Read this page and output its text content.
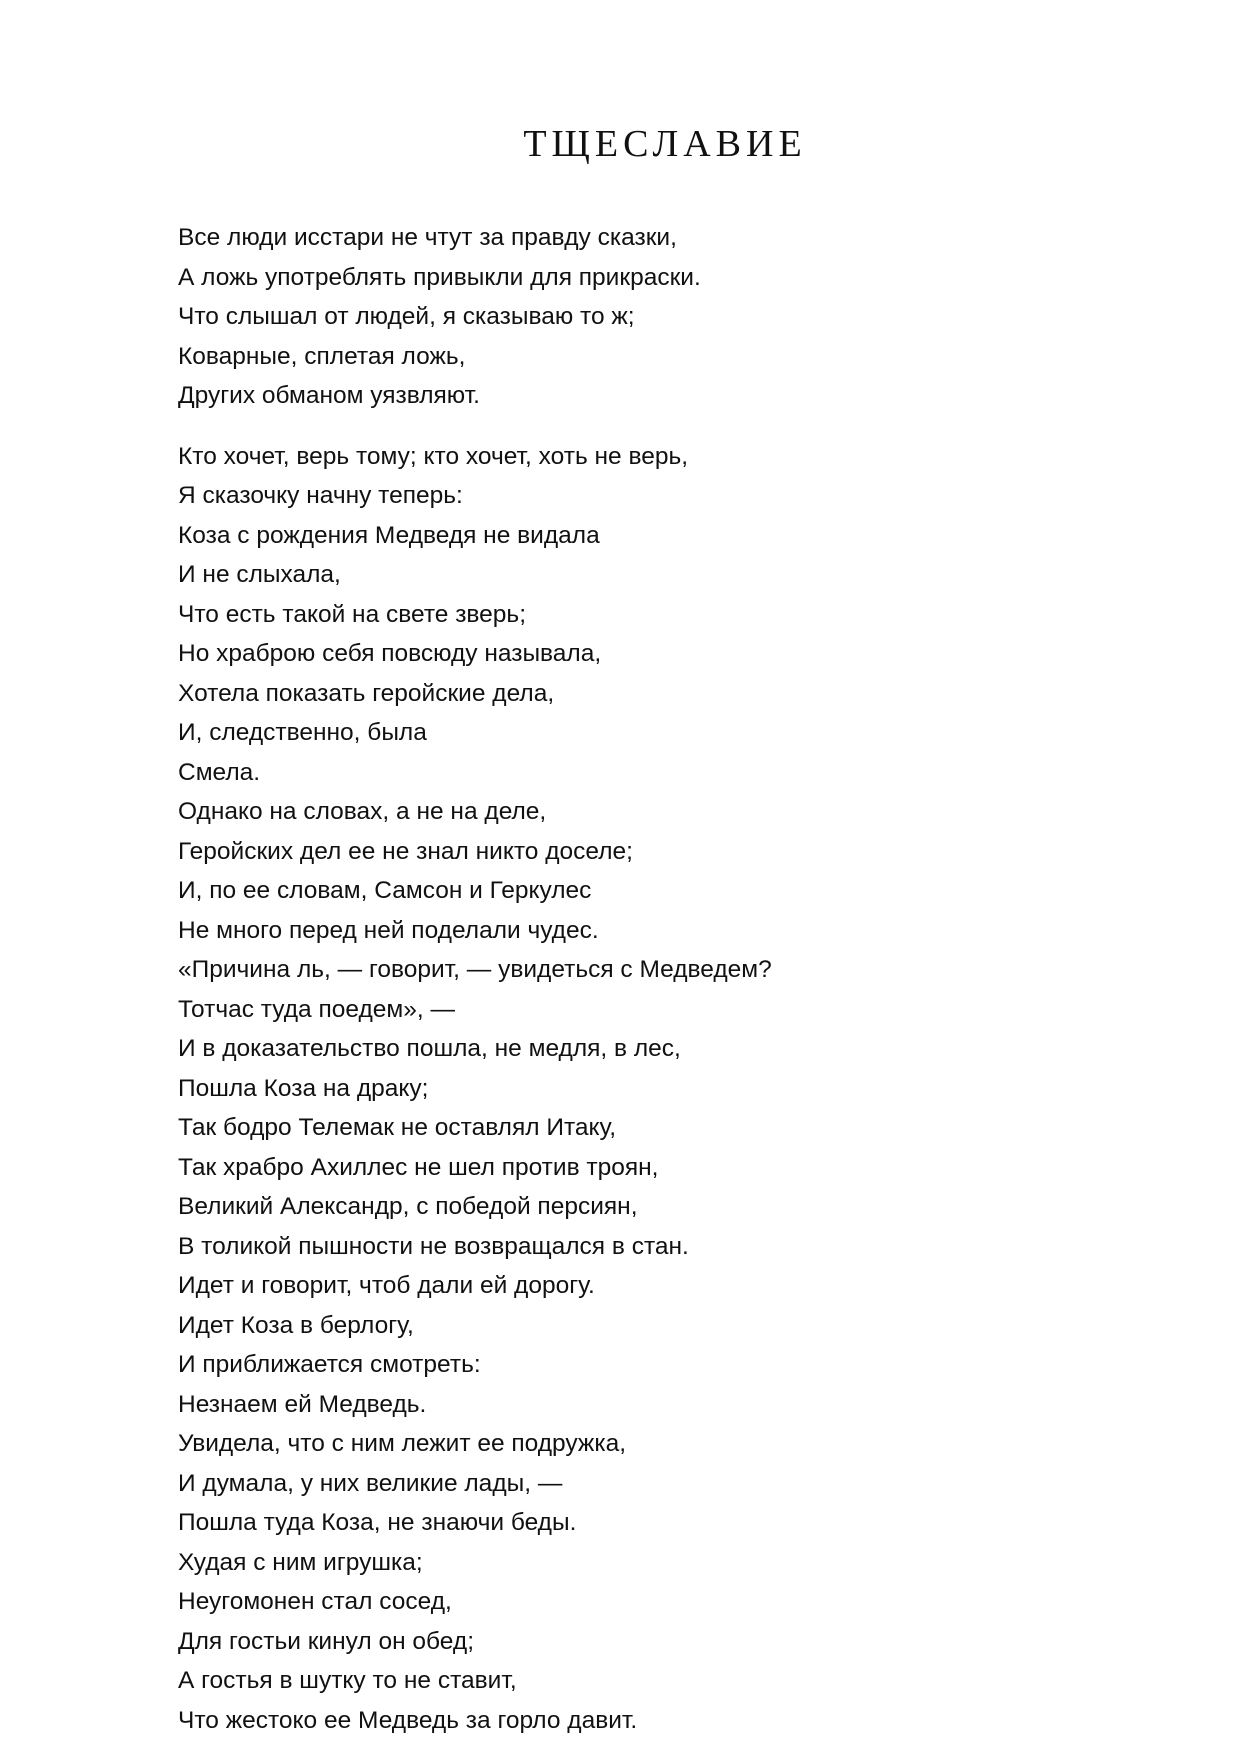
ТЩЕСЛАВИЕ
Все люди исстари не чтут за правду сказки,
А ложь употреблять привыкли для прикраски.
Что слышал от людей, я сказываю то ж;
Коварные, сплетая ложь,
Других обманом уязвляют.
Кто хочет, верь тому; кто хочет, хоть не верь,
Я сказочку начну теперь:
Коза с рождения Медведя не видала
И не слыхала,
Что есть такой на свете зверь;
Но храброю себя повсюду называла,
Хотела показать геройские дела,
И, следственно, была
Смела.
Однако на словах, а не на деле,
Геройских дел ее не знал никто доселе;
И, по ее словам, Самсон и Геркулес
Не много перед ней поделали чудес.
«Причина ль, — говорит, — увидеться с Медведем?
Тотчас туда поедем», —
И в доказательство пошла, не медля, в лес,
Пошла Коза на драку;
Так бодро Телемак не оставлял Итаку,
Так храбро Ахиллес не шел против троян,
Великий Александр, с победой персиян,
В толикой пышности не возвращался в стан.
Идет и говорит, чтоб дали ей дорогу.
Идет Коза в берлогу,
И приближается смотреть:
Незнаем ей Медведь.
Увидела, что с ним лежит ее подружка,
И думала, у них великие лады, —
Пошла туда Коза, не знаючи беды.
Худая с ним игрушка;
Неугомонен стал сосед,
Для гостьи кинул он обед;
А гостья в шутку то не ставит,
Что жестоко ее Медведь за горло давит.
